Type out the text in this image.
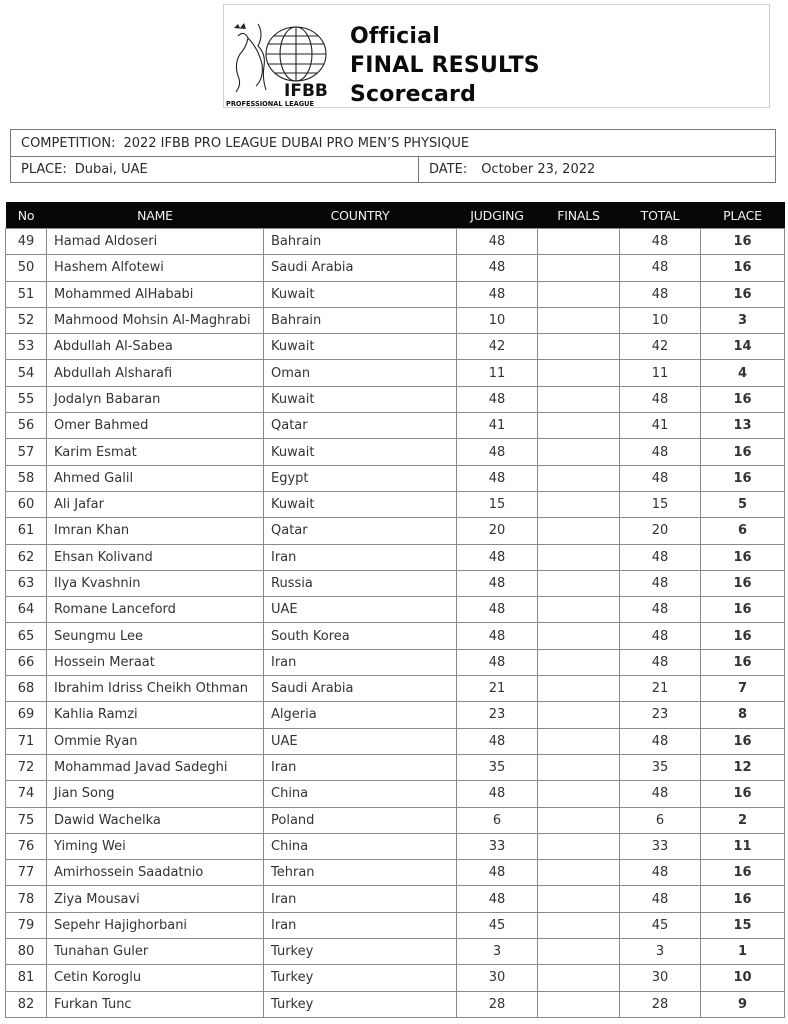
IFBB
PROFESSIONAL LEAGUE
Official
FINAL RESULTS
Scorecard
COMPETITION: 2022 IFBB PRO LEAGUE DUBAI PRO MEN’S PHYSIQUE
PLACE: Dubai, UAE	DATE: October 23, 2022
No	NAME	COUNTRY	JUDGING	FINALS	TOTAL	PLACE
49	Hamad Aldoseri	Bahrain	48		48	16
50	Hashem Alfotewi	Saudi Arabia	48		48	16
51	Mohammed AlHababi	Kuwait	48		48	16
52	Mahmood Mohsin Al-Maghrabi	Bahrain	10		10	3
53	Abdullah Al-Sabea	Kuwait	42		42	14
54	Abdullah Alsharafi	Oman	11		11	4
55	Jodalyn Babaran	Kuwait	48		48	16
56	Omer Bahmed	Qatar	41		41	13
57	Karim Esmat	Kuwait	48		48	16
58	Ahmed Galil	Egypt	48		48	16
60	Ali Jafar	Kuwait	15		15	5
61	Imran Khan	Qatar	20		20	6
62	Ehsan Kolivand	Iran	48		48	16
63	Ilya Kvashnin	Russia	48		48	16
64	Romane Lanceford	UAE	48		48	16
65	Seungmu Lee	South Korea	48		48	16
66	Hossein Meraat	Iran	48		48	16
68	Ibrahim Idriss Cheikh Othman	Saudi Arabia	21		21	7
69	Kahlia Ramzi	Algeria	23		23	8
71	Ommie Ryan	UAE	48		48	16
72	Mohammad Javad Sadeghi	Iran	35		35	12
74	Jian Song	China	48		48	16
75	Dawid Wachelka	Poland	6		6	2
76	Yiming Wei	China	33		33	11
77	Amirhossein Saadatnio	Tehran	48		48	16
78	Ziya Mousavi	Iran	48		48	16
79	Sepehr Hajighorbani	Iran	45		45	15
80	Tunahan Guler	Turkey	3		3	1
81	Cetin Koroglu	Turkey	30		30	10
82	Furkan Tunc	Turkey	28		28	9
